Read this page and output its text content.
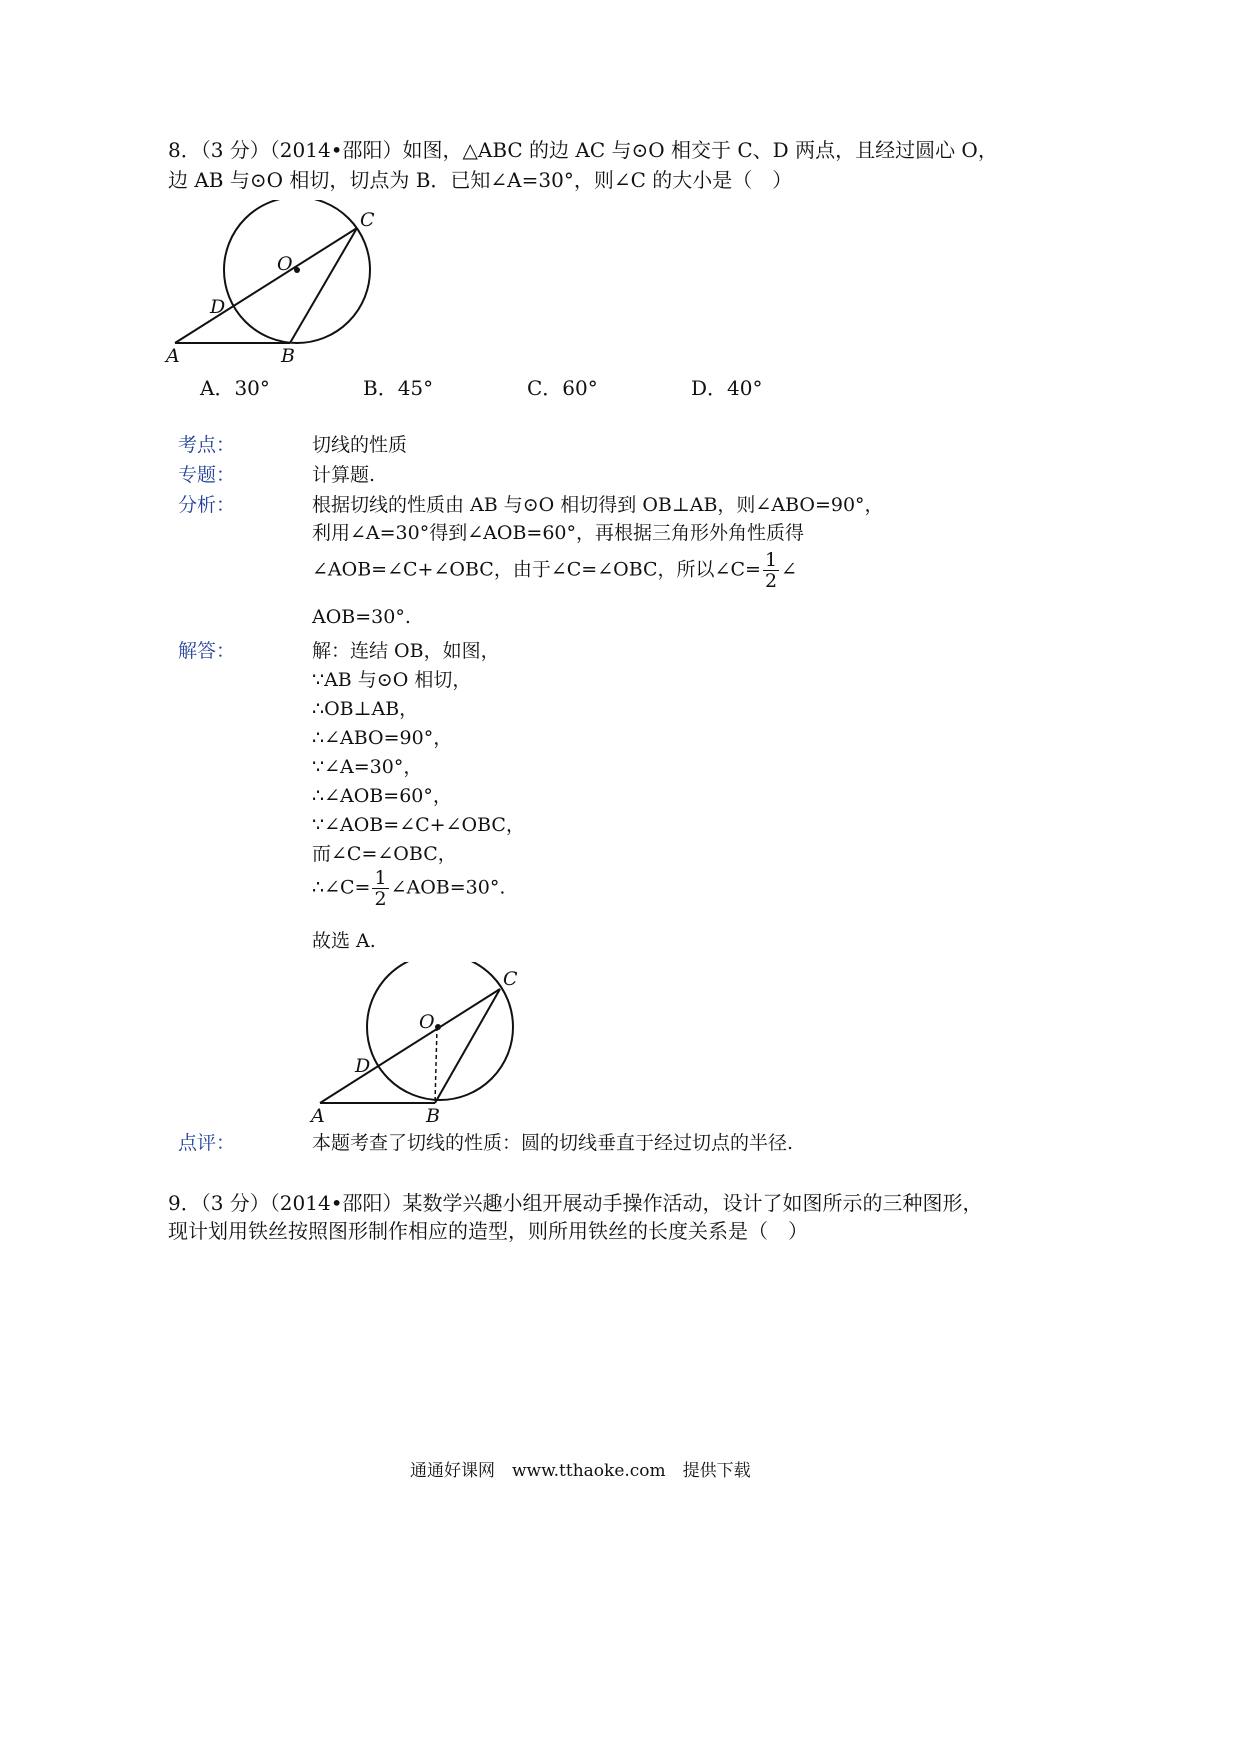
8．（3 分）（2014•邵阳）如图，△ABC 的边 AC 与⊙O 相交于 C、D 两点，且经过圆心 O，
边 AB 与⊙O 相切，切点为 B．已知∠A=30°，则∠C 的大小是（　）
O
C
D
A	B
A．30°	B．45°	C．60°	D．40°
考点：	切线的性质
专题：	计算题.
分析：	根据切线的性质由 AB 与⊙O 相切得到 OB⊥AB，则∠ABO=90°，
利用∠A=30°得到∠AOB=60°，再根据三角形外角性质得
∠AOB=∠C+∠OBC，由于∠C=∠OBC，所以∠C= $\frac{1}{2}$ ∠
AOB=30°.
解答：	解：连结 OB，如图，
∵AB 与⊙O 相切，
∴OB⊥AB，
∴∠ABO=90°，
∵∠A=30°，
∴∠AOB=60°，
∵∠AOB=∠C+∠OBC，
而∠C=∠OBC，
∴∠C= $\frac{1}{2}$ ∠AOB=30°.
故选 A.
O
C
D
A	B
点评：	本题考查了切线的性质：圆的切线垂直于经过切点的半径.
9．（3 分）（2014•邵阳）某数学兴趣小组开展动手操作活动，设计了如图所示的三种图形，
现计划用铁丝按照图形制作相应的造型，则所用铁丝的长度关系是（　）
通通好课网　www.tthaoke.com　提供下载
